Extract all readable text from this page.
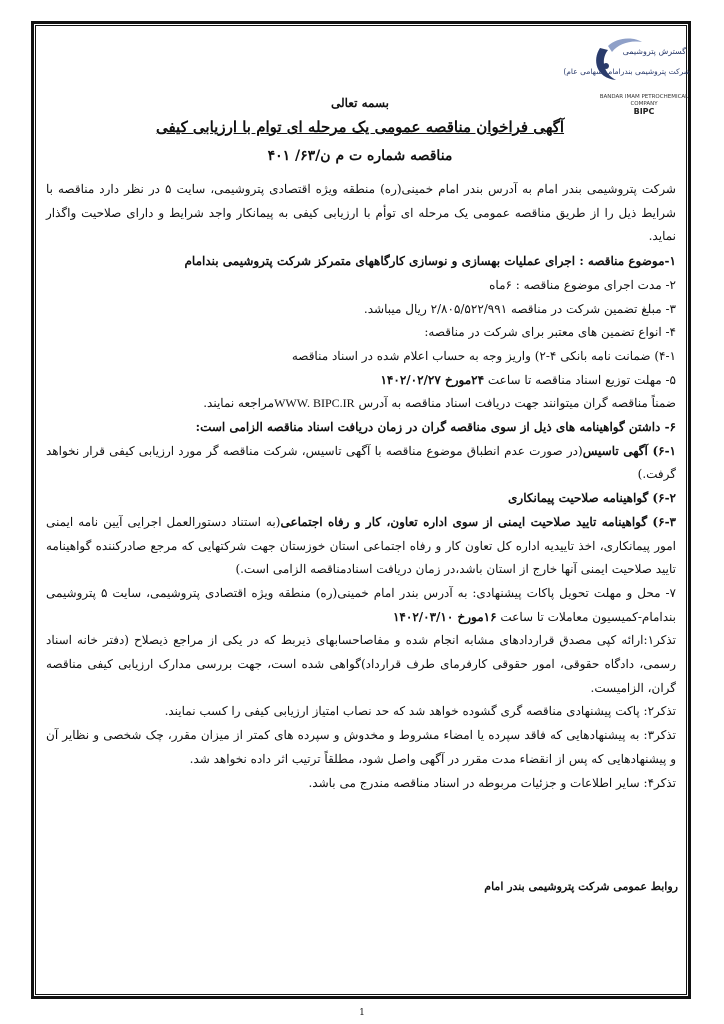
گسترش پتروشیمی
شرکت پتروشیمی بندرامام (سهامی عام)
BANDAR IMAM PETROCHEMICAL COMPANY
BIPC
بسمه تعالی
آگهی فراخوان مناقصه عمومی یک مرحله ای توام با ارزیابی کیفی
مناقصه شماره ت م ن/۶۳/ ۴۰۱

شرکت پتروشیمی بندر امام به آدرس بندر امام خمینی(ره) منطقه ویژه اقتصادی پتروشیمی، سایت ۵ در نظر دارد مناقصه با شرایط ذیل را از طریق مناقصه عمومی یک مرحله ای توأم با ارزیابی کیفی به پیمانکار واجد شرایط و دارای صلاحیت واگذار نماید.

۱-موضوع مناقصه : اجرای عملیات بهسازی و نوسازی کارگاههای متمرکز شرکت پتروشیمی بندامام

۲- مدت اجرای موضوع مناقصه : ۶ماه

۳- مبلغ تضمین شرکت در مناقصه ۲/۸۰۵/۵۲۲/۹۹۱ ریال میباشد.

۴- انواع تضمین های معتبر برای شرکت در مناقصه:

۴-۱) ضمانت نامه بانکی ۴-۲) واریز وجه به حساب اعلام شده در اسناد مناقصه

۵- مهلت توزیع اسناد مناقصه تا ساعت ۲۴مورخ ۱۴۰۲/۰۲/۲۷

ضمناً مناقصه گران میتوانند جهت دریافت اسناد مناقصه به آدرس WWW. BIPC.IRمراجعه نمایند.

۶- داشتن گواهینامه های ذیل از سوی مناقصه گران در زمان دریافت اسناد مناقصه الزامی است:

۶-۱) آگهی تاسیس(در صورت عدم انطباق موضوع مناقصه با آگهی تاسیس، شرکت مناقصه گر مورد ارزیابی کیفی قرار نخواهد گرفت.)

۶-۲) گواهینامه صلاحیت پیمانکاری

۶-۳) گواهینامه تایید صلاحیت ایمنی از سوی اداره تعاون، کار و رفاه اجتماعی(به استناد دستورالعمل اجرایی آیین نامه ایمنی امور پیمانکاری، اخذ تاییدیه اداره کل تعاون کار و رفاه اجتماعی استان خوزستان جهت شرکتهایی که مرجع صادرکننده گواهینامه تایید صلاحیت ایمنی آنها خارج از استان باشد،در زمان دریافت اسنادمناقصه الزامی است.)

۷- محل و مهلت تحویل پاکات پیشنهادی: به آدرس بندر امام خمینی(ره) منطقه ویژه اقتصادی پتروشیمی، سایت ۵ پتروشیمی بندامام-کمیسیون معاملات تا ساعت ۱۶مورخ ۱۴۰۲/۰۳/۱۰

تذکر۱:ارائه کپی مصدق قراردادهای مشابه انجام شده و مفاصاحسابهای ذیربط که در یکی از مراجع ذیصلاح (دفتر خانه اسناد رسمی، دادگاه حقوقی، امور حقوقی کارفرمای طرف قرارداد)گواهی شده است، جهت بررسی مدارک ارزیابی کیفی مناقصه گران، الزامیست.

تذکر۲: پاکت پیشنهادی مناقصه گری گشوده خواهد شد که حد نصاب امتیاز ارزیابی کیفی را کسب نمایند.

تذکر۳: به پیشنهادهایی که فاقد سپرده یا امضاء مشروط و مخدوش و سپرده های کمتر از میزان مقرر، چک شخصی و نظایر آن و پیشنهادهایی که پس از انقضاء مدت مقرر در آگهی واصل شود، مطلقاً ترتیب اثر داده نخواهد شد.

تذکر۴: سایر اطلاعات و جزئیات مربوطه در اسناد مناقصه مندرج می باشد.

روابط عمومی شرکت پتروشیمی بندر امام
1
